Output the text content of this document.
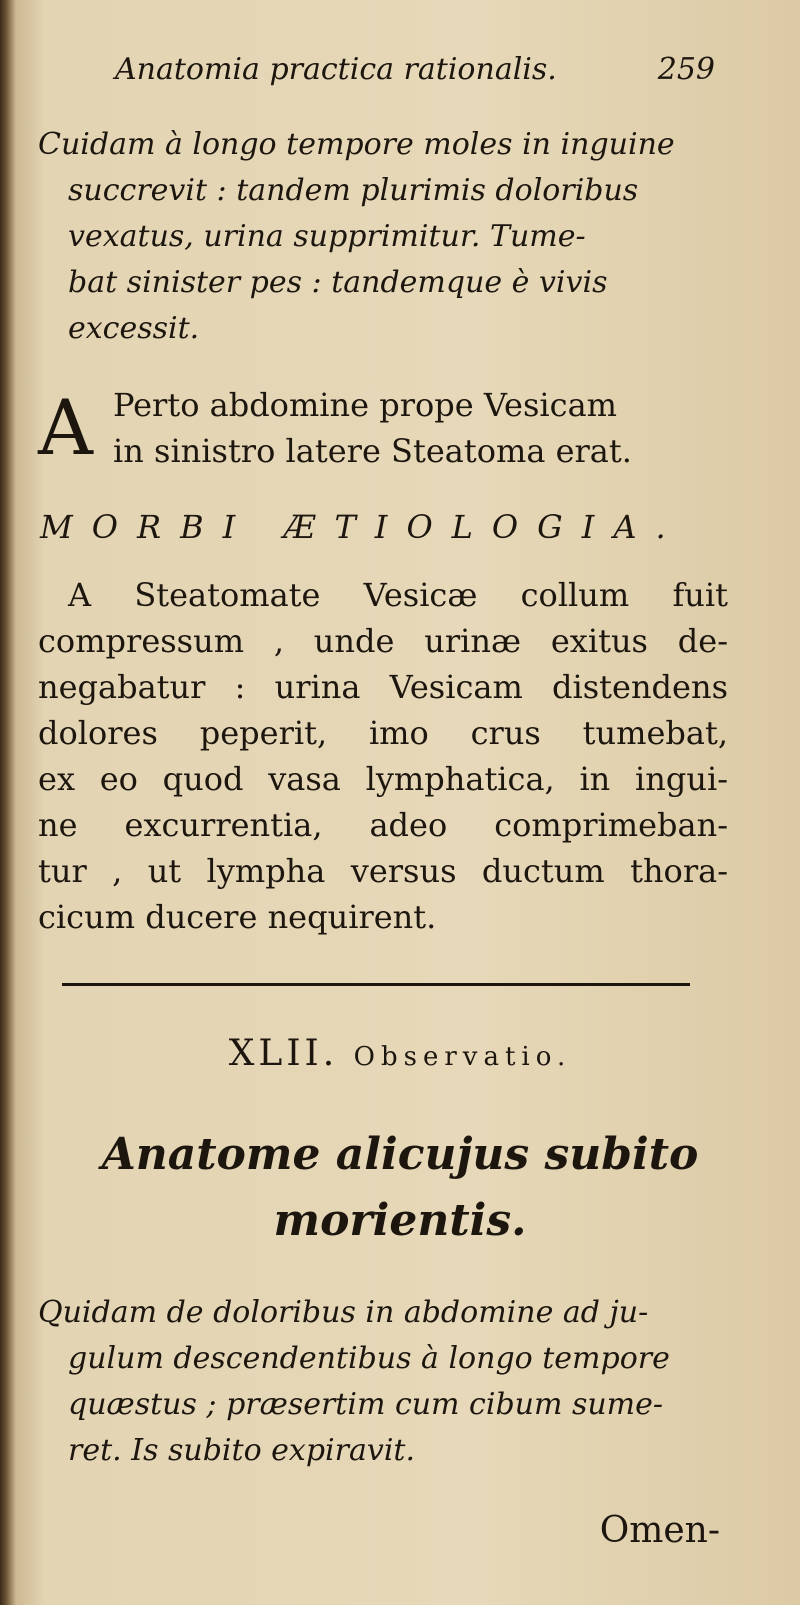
Anatomia practica rationalis.	259
Cuidam à longo tempore moles in inguine
succrevit : tandem plurimis doloribus
vexatus, urina supprimitur. Tume-
bat sinister pes : tandemque è vivis
excessit.
A Perto abdomine prope Vesicam
in sinistro latere Steatoma erat.
MORBI ÆTIOLOGIA.
A Steatomate Vesicæ collum fuit
compressum , unde urinæ exitus de-
negabatur : urina Vesicam distendens
dolores peperit, imo crus tumebat,
ex eo quod vasa lymphatica, in ingui-
ne excurrentia, adeo comprimeban-
tur , ut lympha versus ductum thora-
cicum ducere nequirent.
XLII. Observatio.
Anatome alicujus subito
morientis.
Quidam de doloribus in abdomine ad ju-
gulum descendentibus à longo tempore
quæstus ; præsertim cum cibum sume-
ret. Is subito expiravit.
Omen-
